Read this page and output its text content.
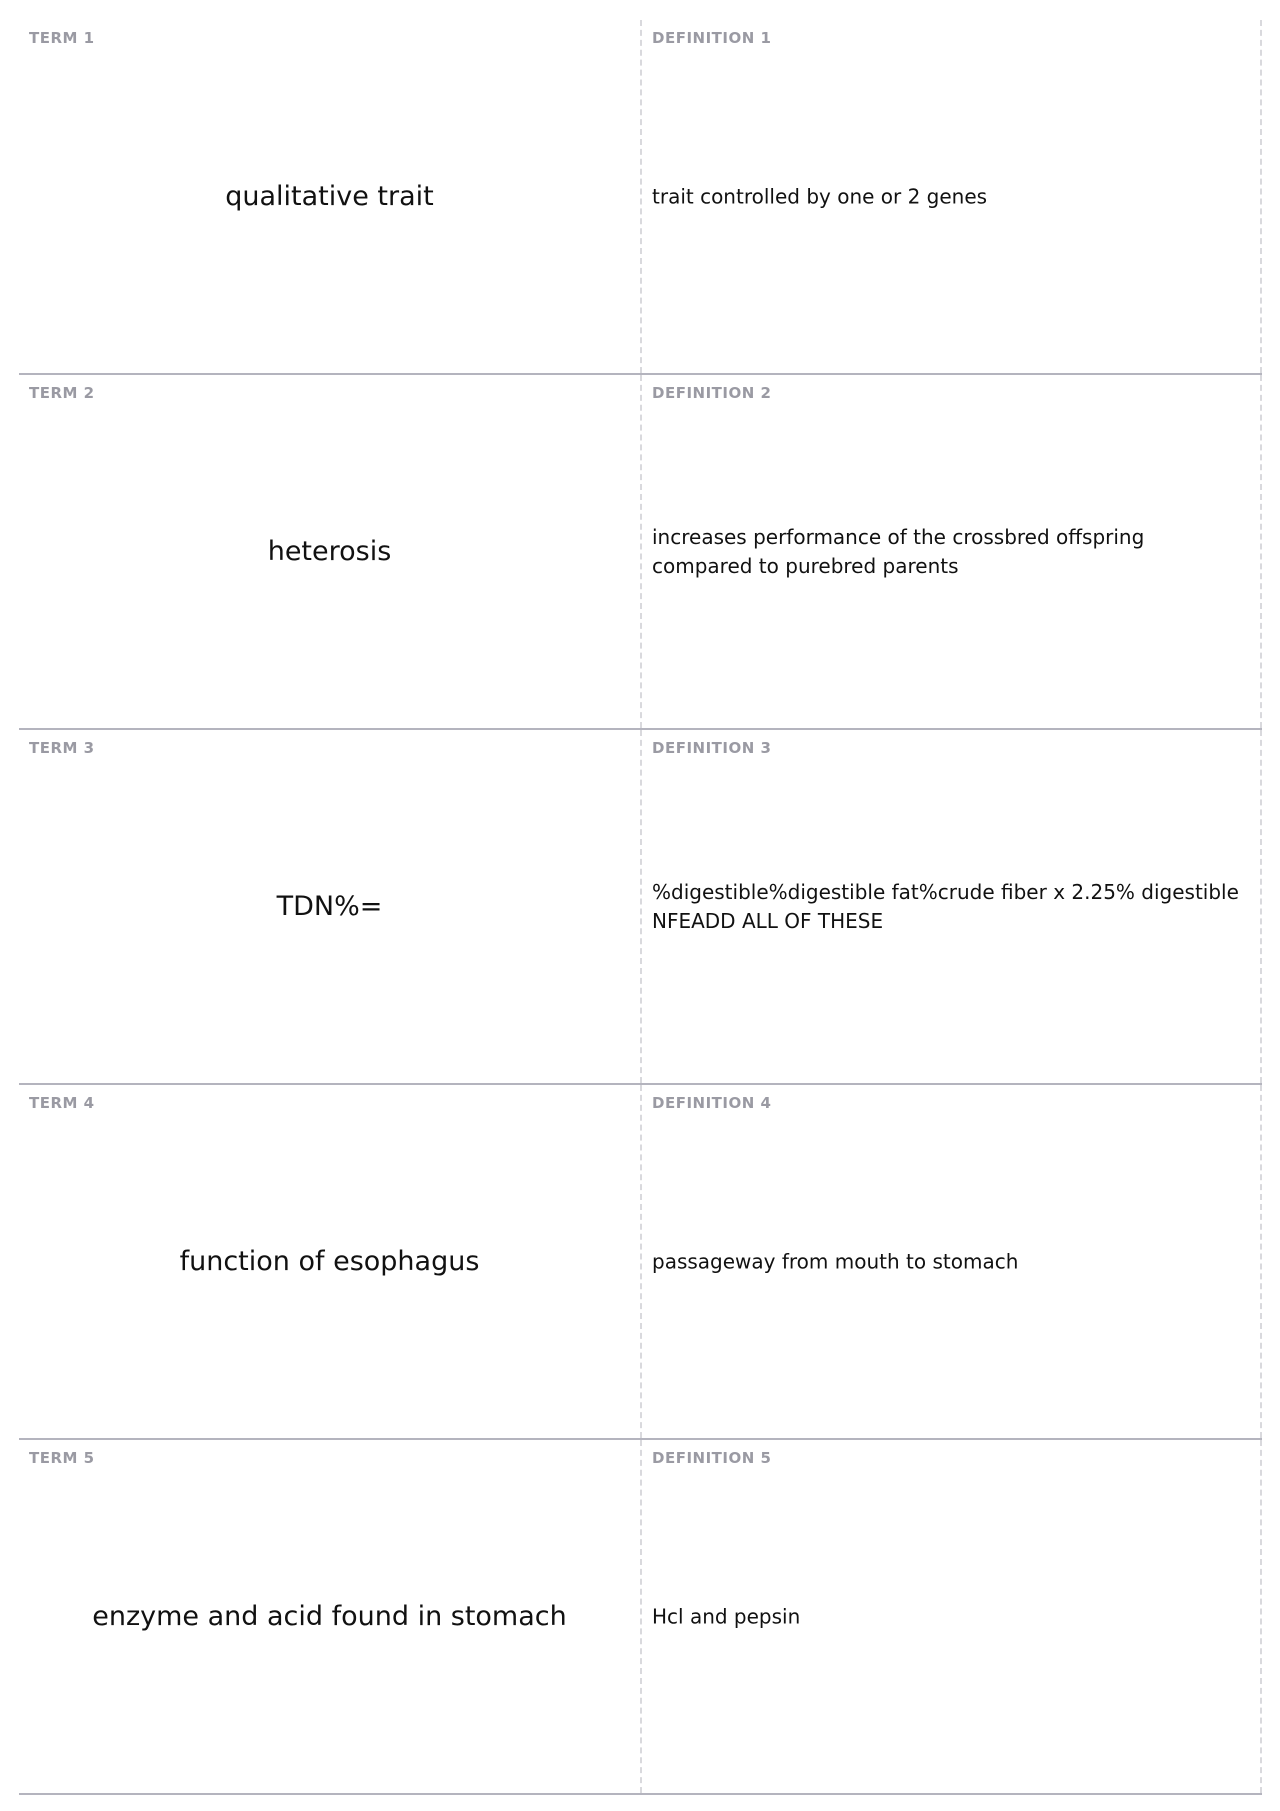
TERM 1
qualitative trait
DEFINITION 1
trait controlled by one or 2 genes
TERM 2
heterosis
DEFINITION 2
increases performance of the crossbred offspring compared to purebred parents
TERM 3
TDN%=
DEFINITION 3
%digestible%digestible fat%crude fiber x 2.25% digestible NFEADD ALL OF THESE
TERM 4
function of esophagus
DEFINITION 4
passageway from mouth to stomach
TERM 5
enzyme and acid found in stomach
DEFINITION 5
Hcl and pepsin
